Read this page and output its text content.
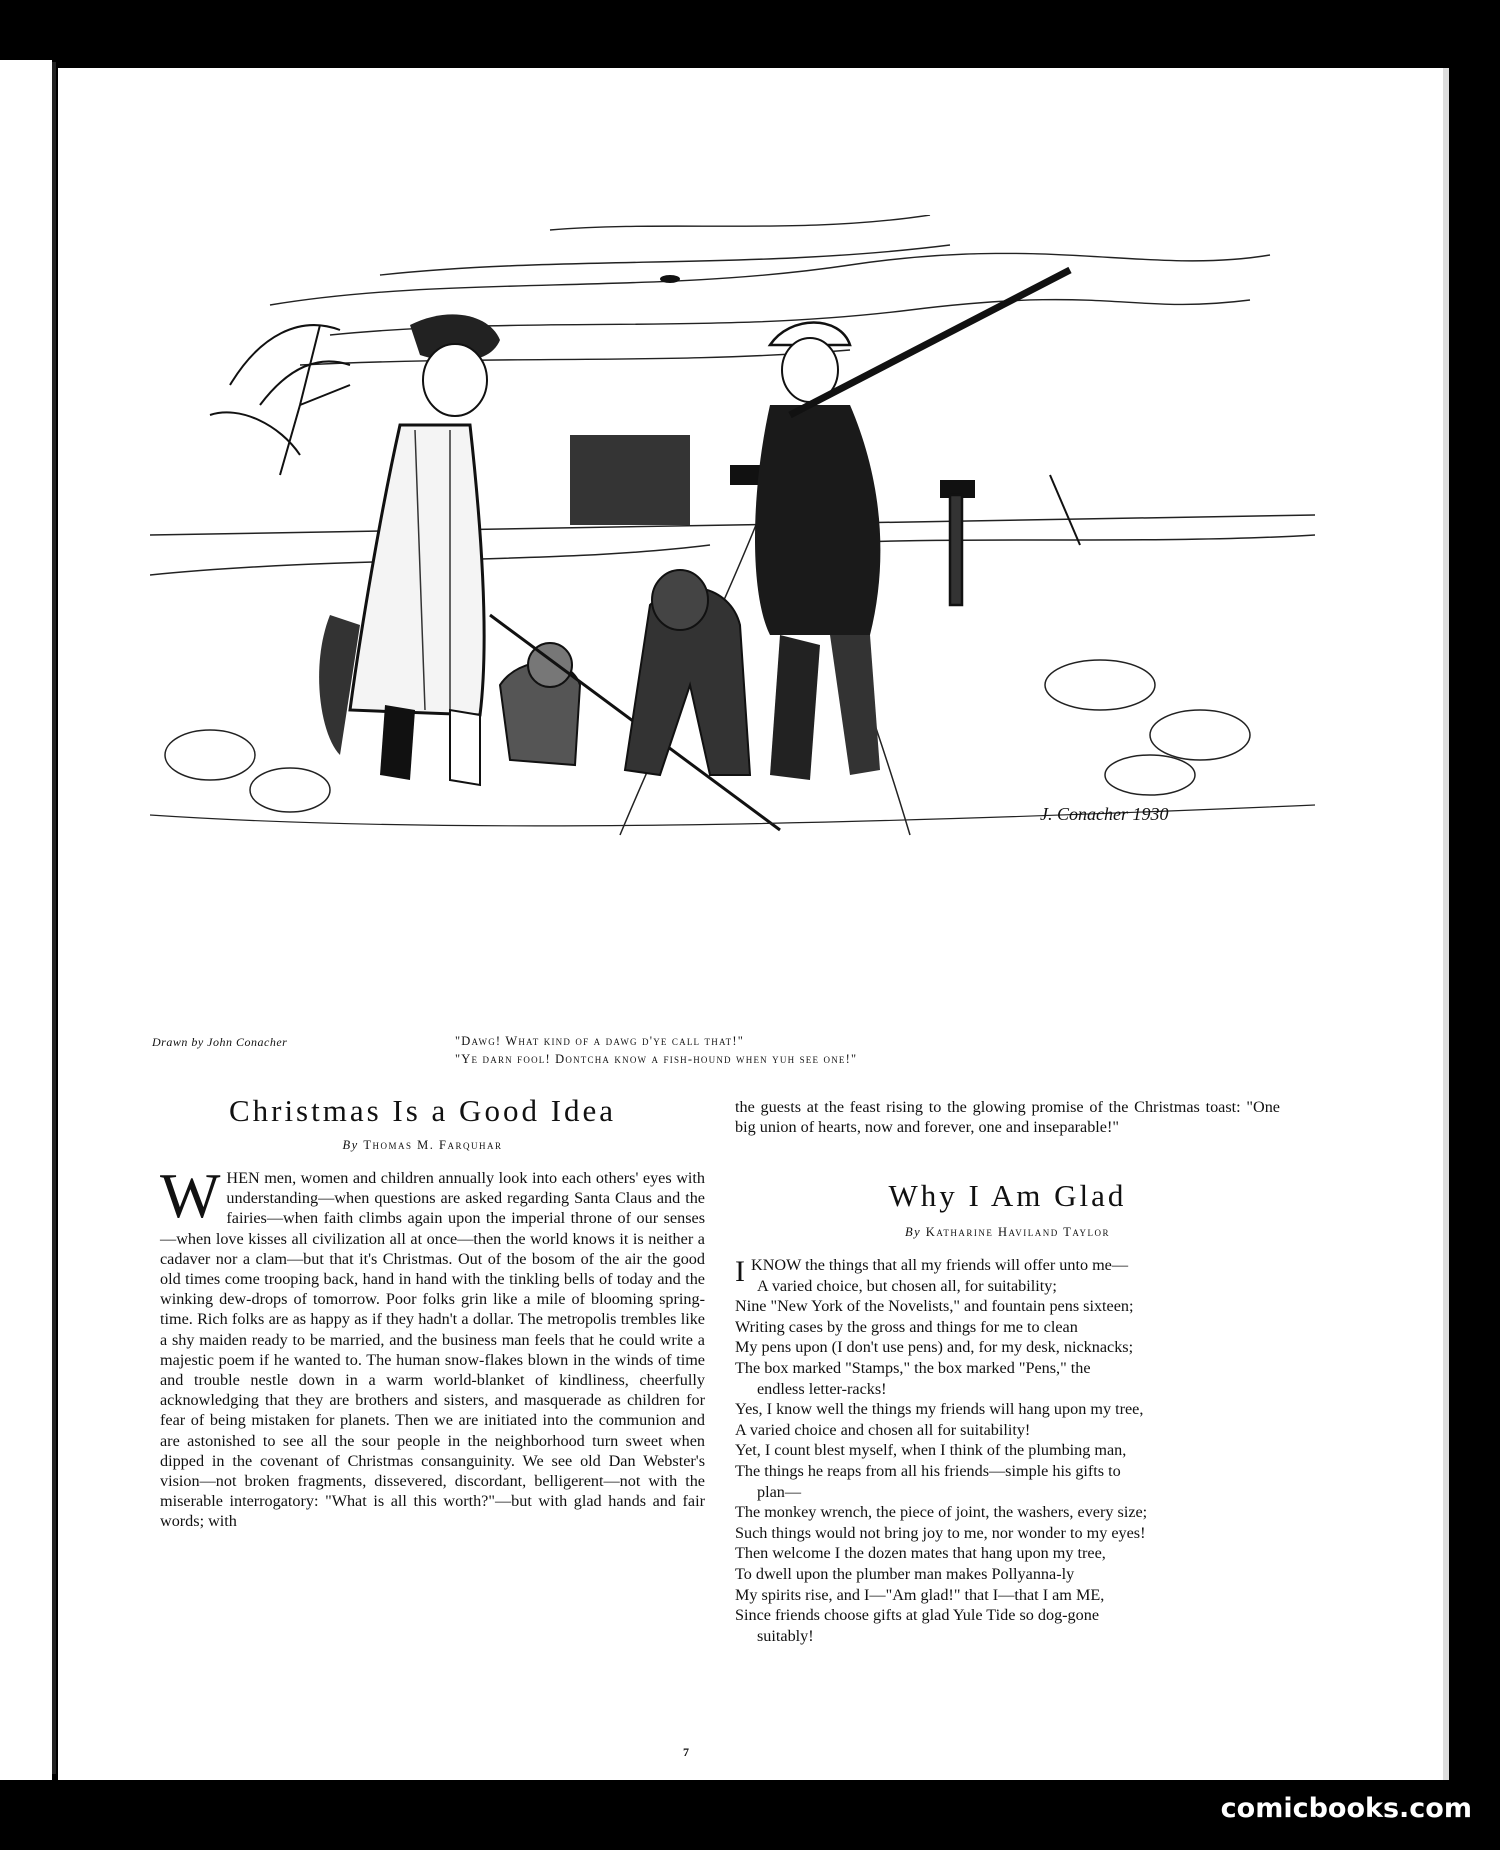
J. Conacher 1930
Drawn by John Conacher	"Dawg! What kind of a dawg d'ye call that!"
"Ye darn fool! Dontcha know a fish-hound when yuh see one!"
Christmas Is a Good Idea
By Thomas M. Farquhar
W HEN men, women and children annually look into each others' eyes with understanding—when questions are asked regarding Santa Claus and the fairies—when faith climbs again upon the imperial throne of our senses—when love kisses all civilization all at once—then the world knows it is neither a cadaver nor a clam—but that it's Christmas. Out of the bosom of the air the good old times come trooping back, hand in hand with the tinkling bells of today and the winking dew-drops of tomorrow. Poor folks grin like a mile of blooming spring-time. Rich folks are as happy as if they hadn't a dollar. The metropolis trembles like a shy maiden ready to be married, and the business man feels that he could write a majestic poem if he wanted to. The human snow-flakes blown in the winds of time and trouble nestle down in a warm world-blanket of kindliness, cheerfully acknowledging that they are brothers and sisters, and masquerade as children for fear of being mistaken for planets. Then we are initiated into the communion and are astonished to see all the sour people in the neighborhood turn sweet when dipped in the covenant of Christmas consanguinity. We see old Dan Webster's vision—not broken fragments, dissevered, discordant, belligerent—not with the miserable interrogatory: "What is all this worth?"—but with glad hands and fair words; with

the guests at the feast rising to the glowing promise of the Christmas toast: "One big union of hearts, now and forever, one and inseparable!"

Why I Am Glad
By Katharine Haviland Taylor
I KNOW the things that all my friends will offer unto me—
A varied choice, but chosen all, for suitability;
Nine "New York of the Novelists," and fountain pens sixteen;
Writing cases by the gross and things for me to clean
My pens upon (I don't use pens) and, for my desk, nicknacks;
The box marked "Stamps," the box marked "Pens," the
endless letter-racks!
Yes, I know well the things my friends will hang upon my tree,
A varied choice and chosen all for suitability!
Yet, I count blest myself, when I think of the plumbing man,
The things he reaps from all his friends—simple his gifts to
plan—
The monkey wrench, the piece of joint, the washers, every size;
Such things would not bring joy to me, nor wonder to my eyes!
Then welcome I the dozen mates that hang upon my tree,
To dwell upon the plumber man makes Pollyanna-ly
My spirits rise, and I—"Am glad!" that I—that I am ME,
Since friends choose gifts at glad Yule Tide so dog-gone
suitably!
7
comicbooks.com
